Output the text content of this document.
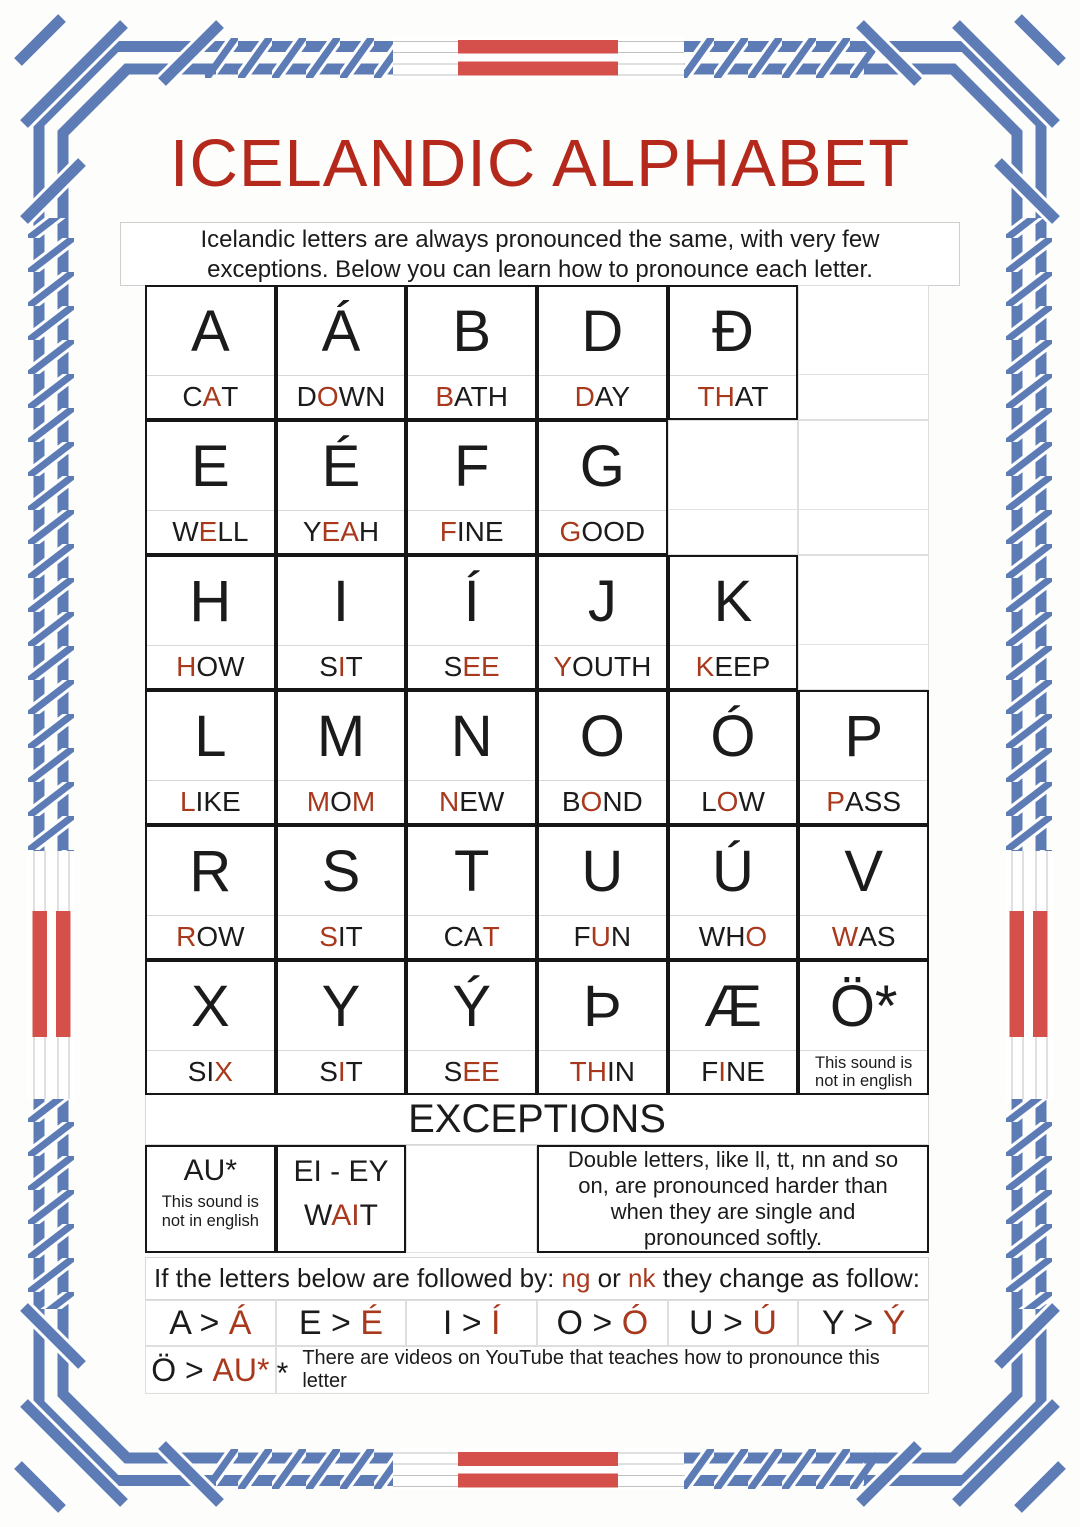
ICELANDIC ALPHABET
Icelandic letters are always pronounced the same, with very few
exceptions. Below you can learn how to pronounce each letter.
A
C A T
Á
D O WN
B
B ATH
D
D AY
Ð
TH AT
E
W E LL
É
Y EA H
F
F INE
G
G OOD
H
H OW
I
S I T
Í
S EE
J
Y OUTH
K
K EEP
L
L IKE
M
M O M
N
N EW
O
B O ND
Ó
L O W
P
P ASS
R
R OW
S
S IT
T
CA T
U
F U N
Ú
WH O
V
W AS
X
SI X
Y
S I T
Ý
S EE
Þ
TH IN
Æ
F I NE
Ö*
This sound is not in english
EXCEPTIONS
AU*
This sound is not in english
EI - EY
WAIT
Double letters, like ll, tt, nn and so on, are pronounced harder than when they are single and pronounced softly.
If the letters below are followed by: ng or nk they change as follow:
A > Á E > É I > Í O > Ó U > Ú Y > Ý
Ö > AU* * There are videos on YouTube that teaches how to pronounce this letter
